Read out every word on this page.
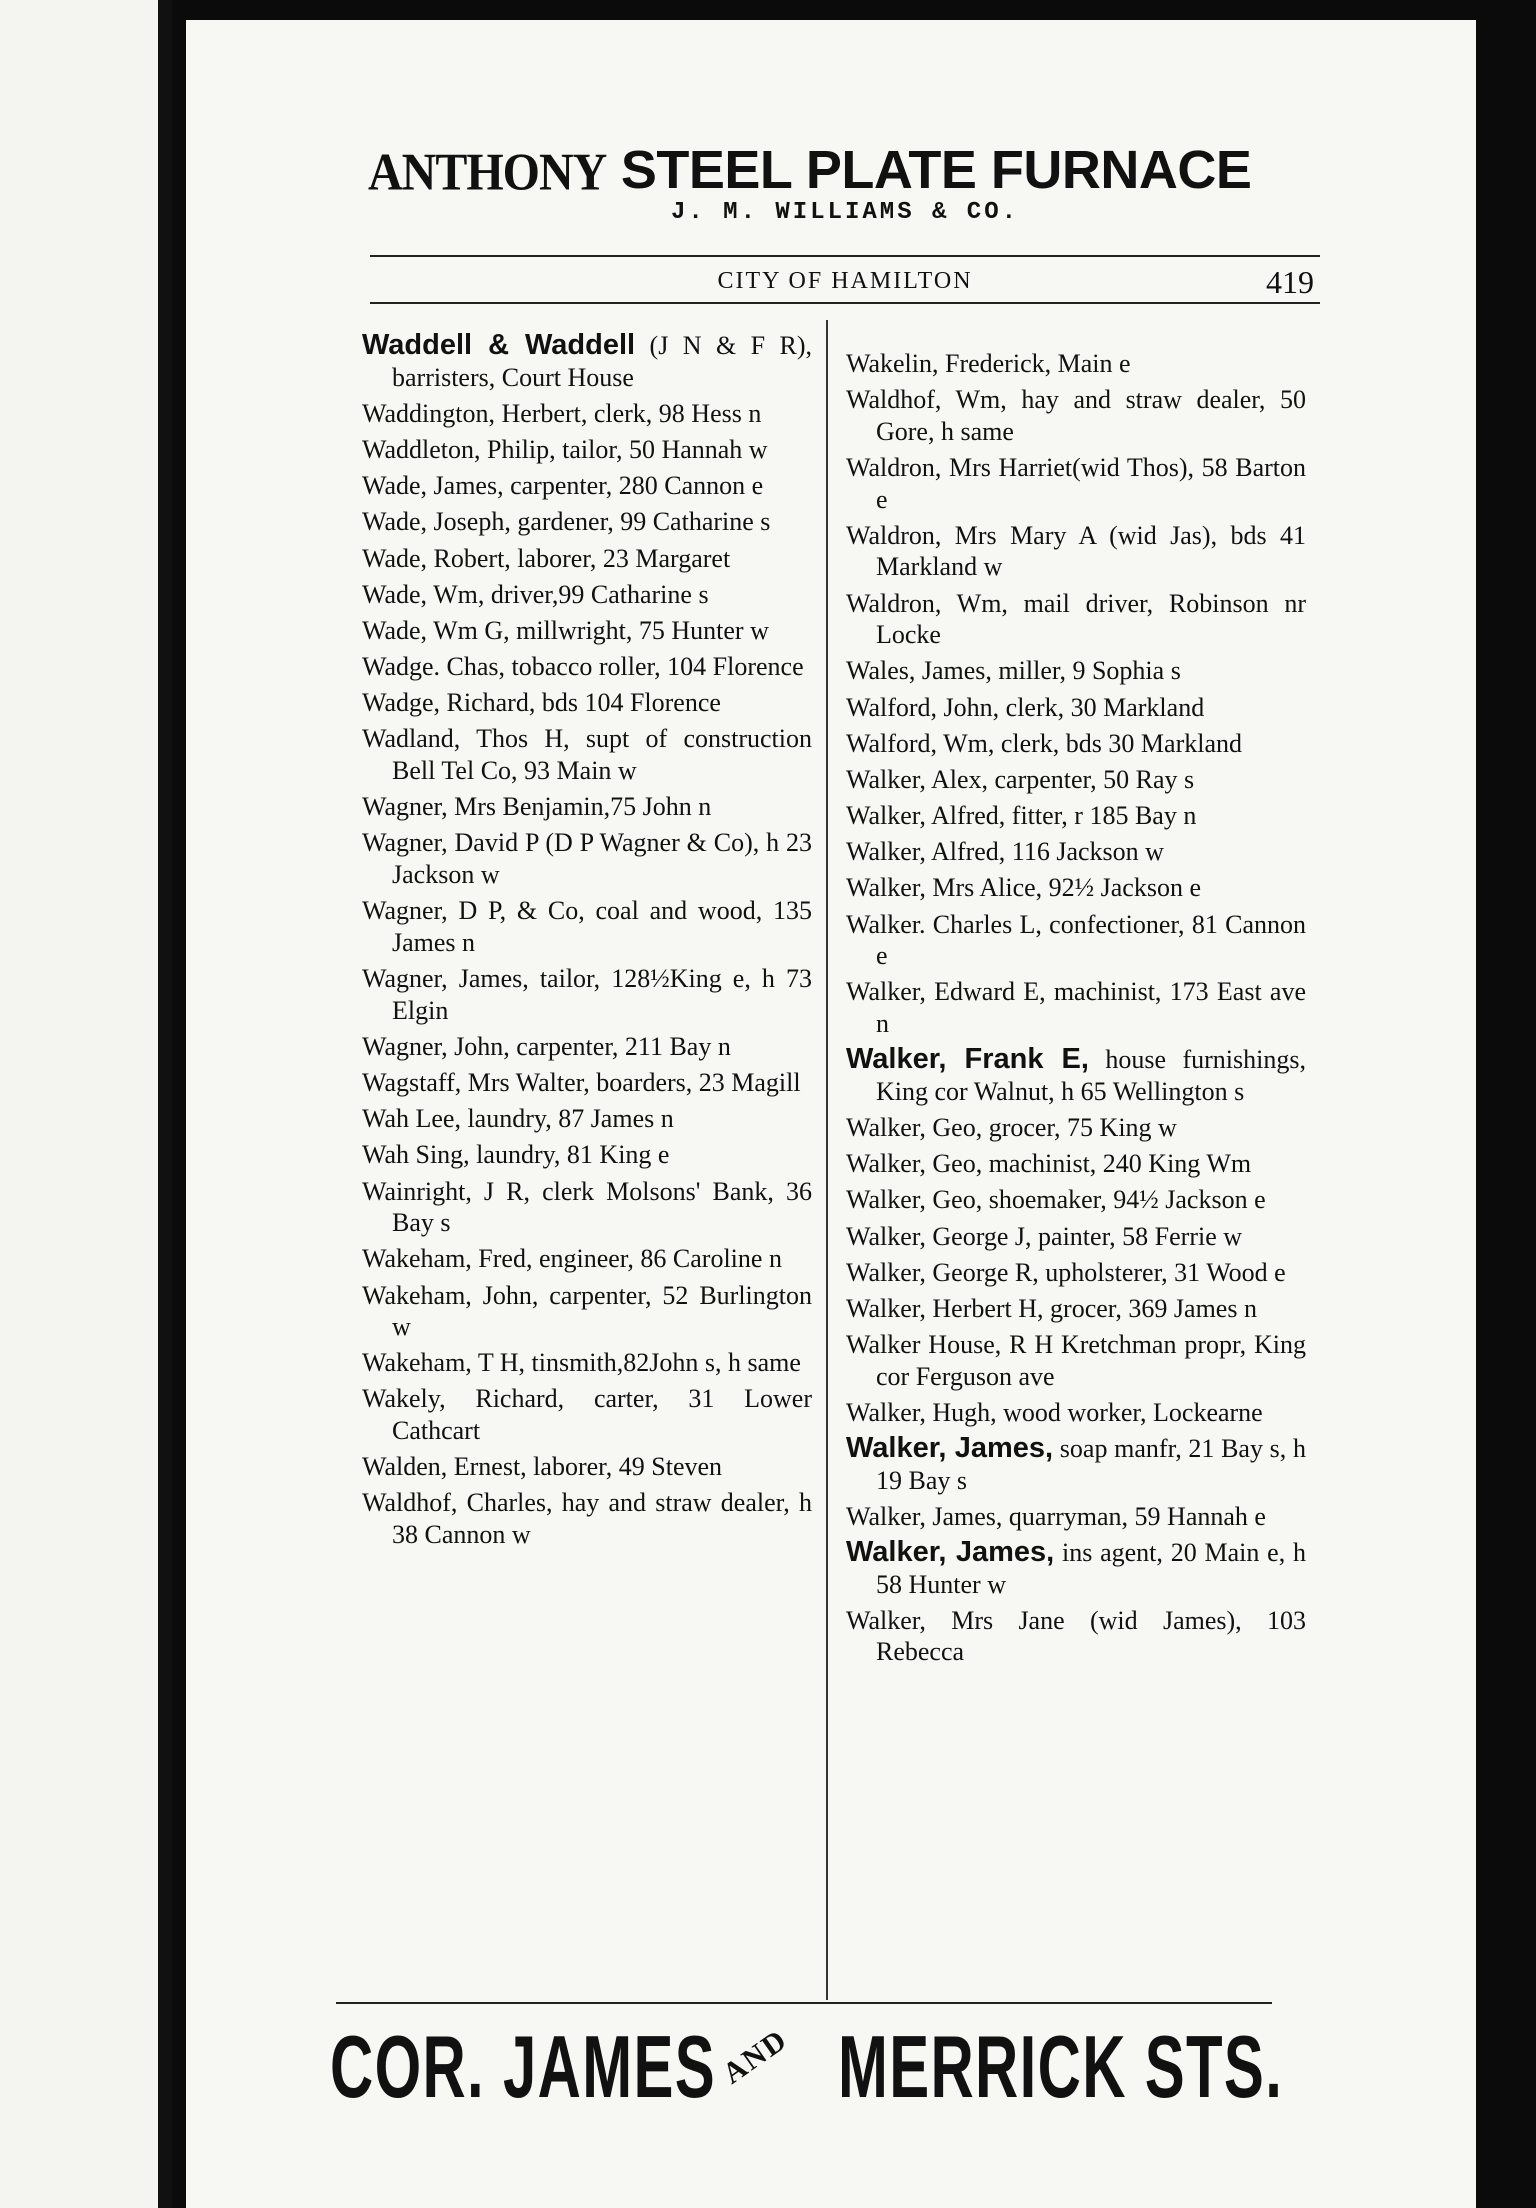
ANTHONY STEEL PLATE FURNACE
J. M. WILLIAMS & CO.
CITY OF HAMILTON	419

Waddell & Waddell (J N & F R), barristers, Court House

Waddington, Herbert, clerk, 98 Hess n

Waddleton, Philip, tailor, 50 Hannah w

Wade, James, carpenter, 280 Cannon e

Wade, Joseph, gardener, 99 Catharine s

Wade, Robert, laborer, 23 Margaret

Wade, Wm, driver,99 Catharine s

Wade, Wm G, millwright, 75 Hunter w

Wadge. Chas, tobacco roller, 104 Florence

Wadge, Richard, bds 104 Florence

Wadland, Thos H, supt of construction Bell Tel Co, 93 Main w

Wagner, Mrs Benjamin,75 John n

Wagner, David P (D P Wagner & Co), h 23 Jackson w

Wagner, D P, & Co, coal and wood, 135 James n

Wagner, James, tailor, 128½King e, h 73 Elgin

Wagner, John, carpenter, 211 Bay n

Wagstaff, Mrs Walter, boarders, 23 Magill

Wah Lee, laundry, 87 James n

Wah Sing, laundry, 81 King e

Wainright, J R, clerk Molsons' Bank, 36 Bay s

Wakeham, Fred, engineer, 86 Caroline n

Wakeham, John, carpenter, 52 Burlington w

Wakeham, T H, tinsmith,82John s, h same

Wakely, Richard, carter, 31 Lower Cathcart

Walden, Ernest, laborer, 49 Steven

Waldhof, Charles, hay and straw dealer, h 38 Cannon w

Wakelin, Frederick, Main e

Waldhof, Wm, hay and straw dealer, 50 Gore, h same

Waldron, Mrs Harriet(wid Thos), 58 Barton e

Waldron, Mrs Mary A (wid Jas), bds 41 Markland w

Waldron, Wm, mail driver, Robinson nr Locke

Wales, James, miller, 9 Sophia s

Walford, John, clerk, 30 Markland

Walford, Wm, clerk, bds 30 Markland

Walker, Alex, carpenter, 50 Ray s

Walker, Alfred, fitter, r 185 Bay n

Walker, Alfred, 116 Jackson w

Walker, Mrs Alice, 92½ Jackson e

Walker. Charles L, confectioner, 81 Cannon e

Walker, Edward E, machinist, 173 East ave n

Walker, Frank E, house furnishings, King cor Walnut, h 65 Wellington s

Walker, Geo, grocer, 75 King w

Walker, Geo, machinist, 240 King Wm

Walker, Geo, shoemaker, 94½ Jackson e

Walker, George J, painter, 58 Ferrie w

Walker, George R, upholsterer, 31 Wood e

Walker, Herbert H, grocer, 369 James n

Walker House, R H Kretchman propr, King cor Ferguson ave

Walker, Hugh, wood worker, Lockearne

Walker, James, soap manfr, 21 Bay s, h 19 Bay s

Walker, James, quarryman, 59 Hannah e

Walker, James, ins agent, 20 Main e, h 58 Hunter w

Walker, Mrs Jane (wid James), 103 Rebecca

COR. JAMES AND MERRICK STS.
